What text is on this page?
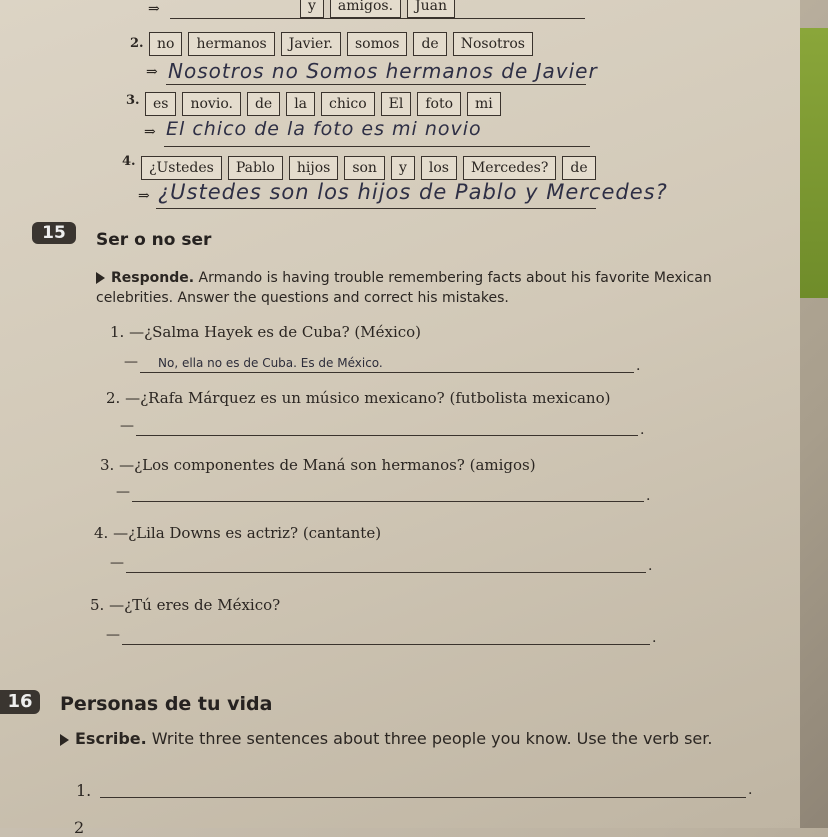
⇒	y	amigos.	Juan
2. no	hermanos	Javier.	somos	de	Nosotros
⇒ Nosotros no Somos hermanos de Javier
3. es	novio.	de	la	chico	El	foto	mi
⇒ El chico de la foto es mi novio
4. ¿Ustedes	Pablo	hijos	son	y	los	Mercedes?	de
⇒ ¿Ustedes son los hijos de Pablo y Mercedes?
15	Ser o no ser
Responde. Armando is having trouble remembering facts about his favorite Mexican celebrities. Answer the questions and correct his mistakes.
1. —¿Salma Hayek es de Cuba? (México)
— No, ella no es de Cuba. Es de México.	.
2. —¿Rafa Márquez es un músico mexicano? (futbolista mexicano)
—	.
3. —¿Los componentes de Maná son hermanos? (amigos)
—	.
4. —¿Lila Downs es actriz? (cantante)
—	.
5. —¿Tú eres de México?
—	.
16	Personas de tu vida
Escribe. Write three sentences about three people you know. Use the verb ser.
1.	.
2
